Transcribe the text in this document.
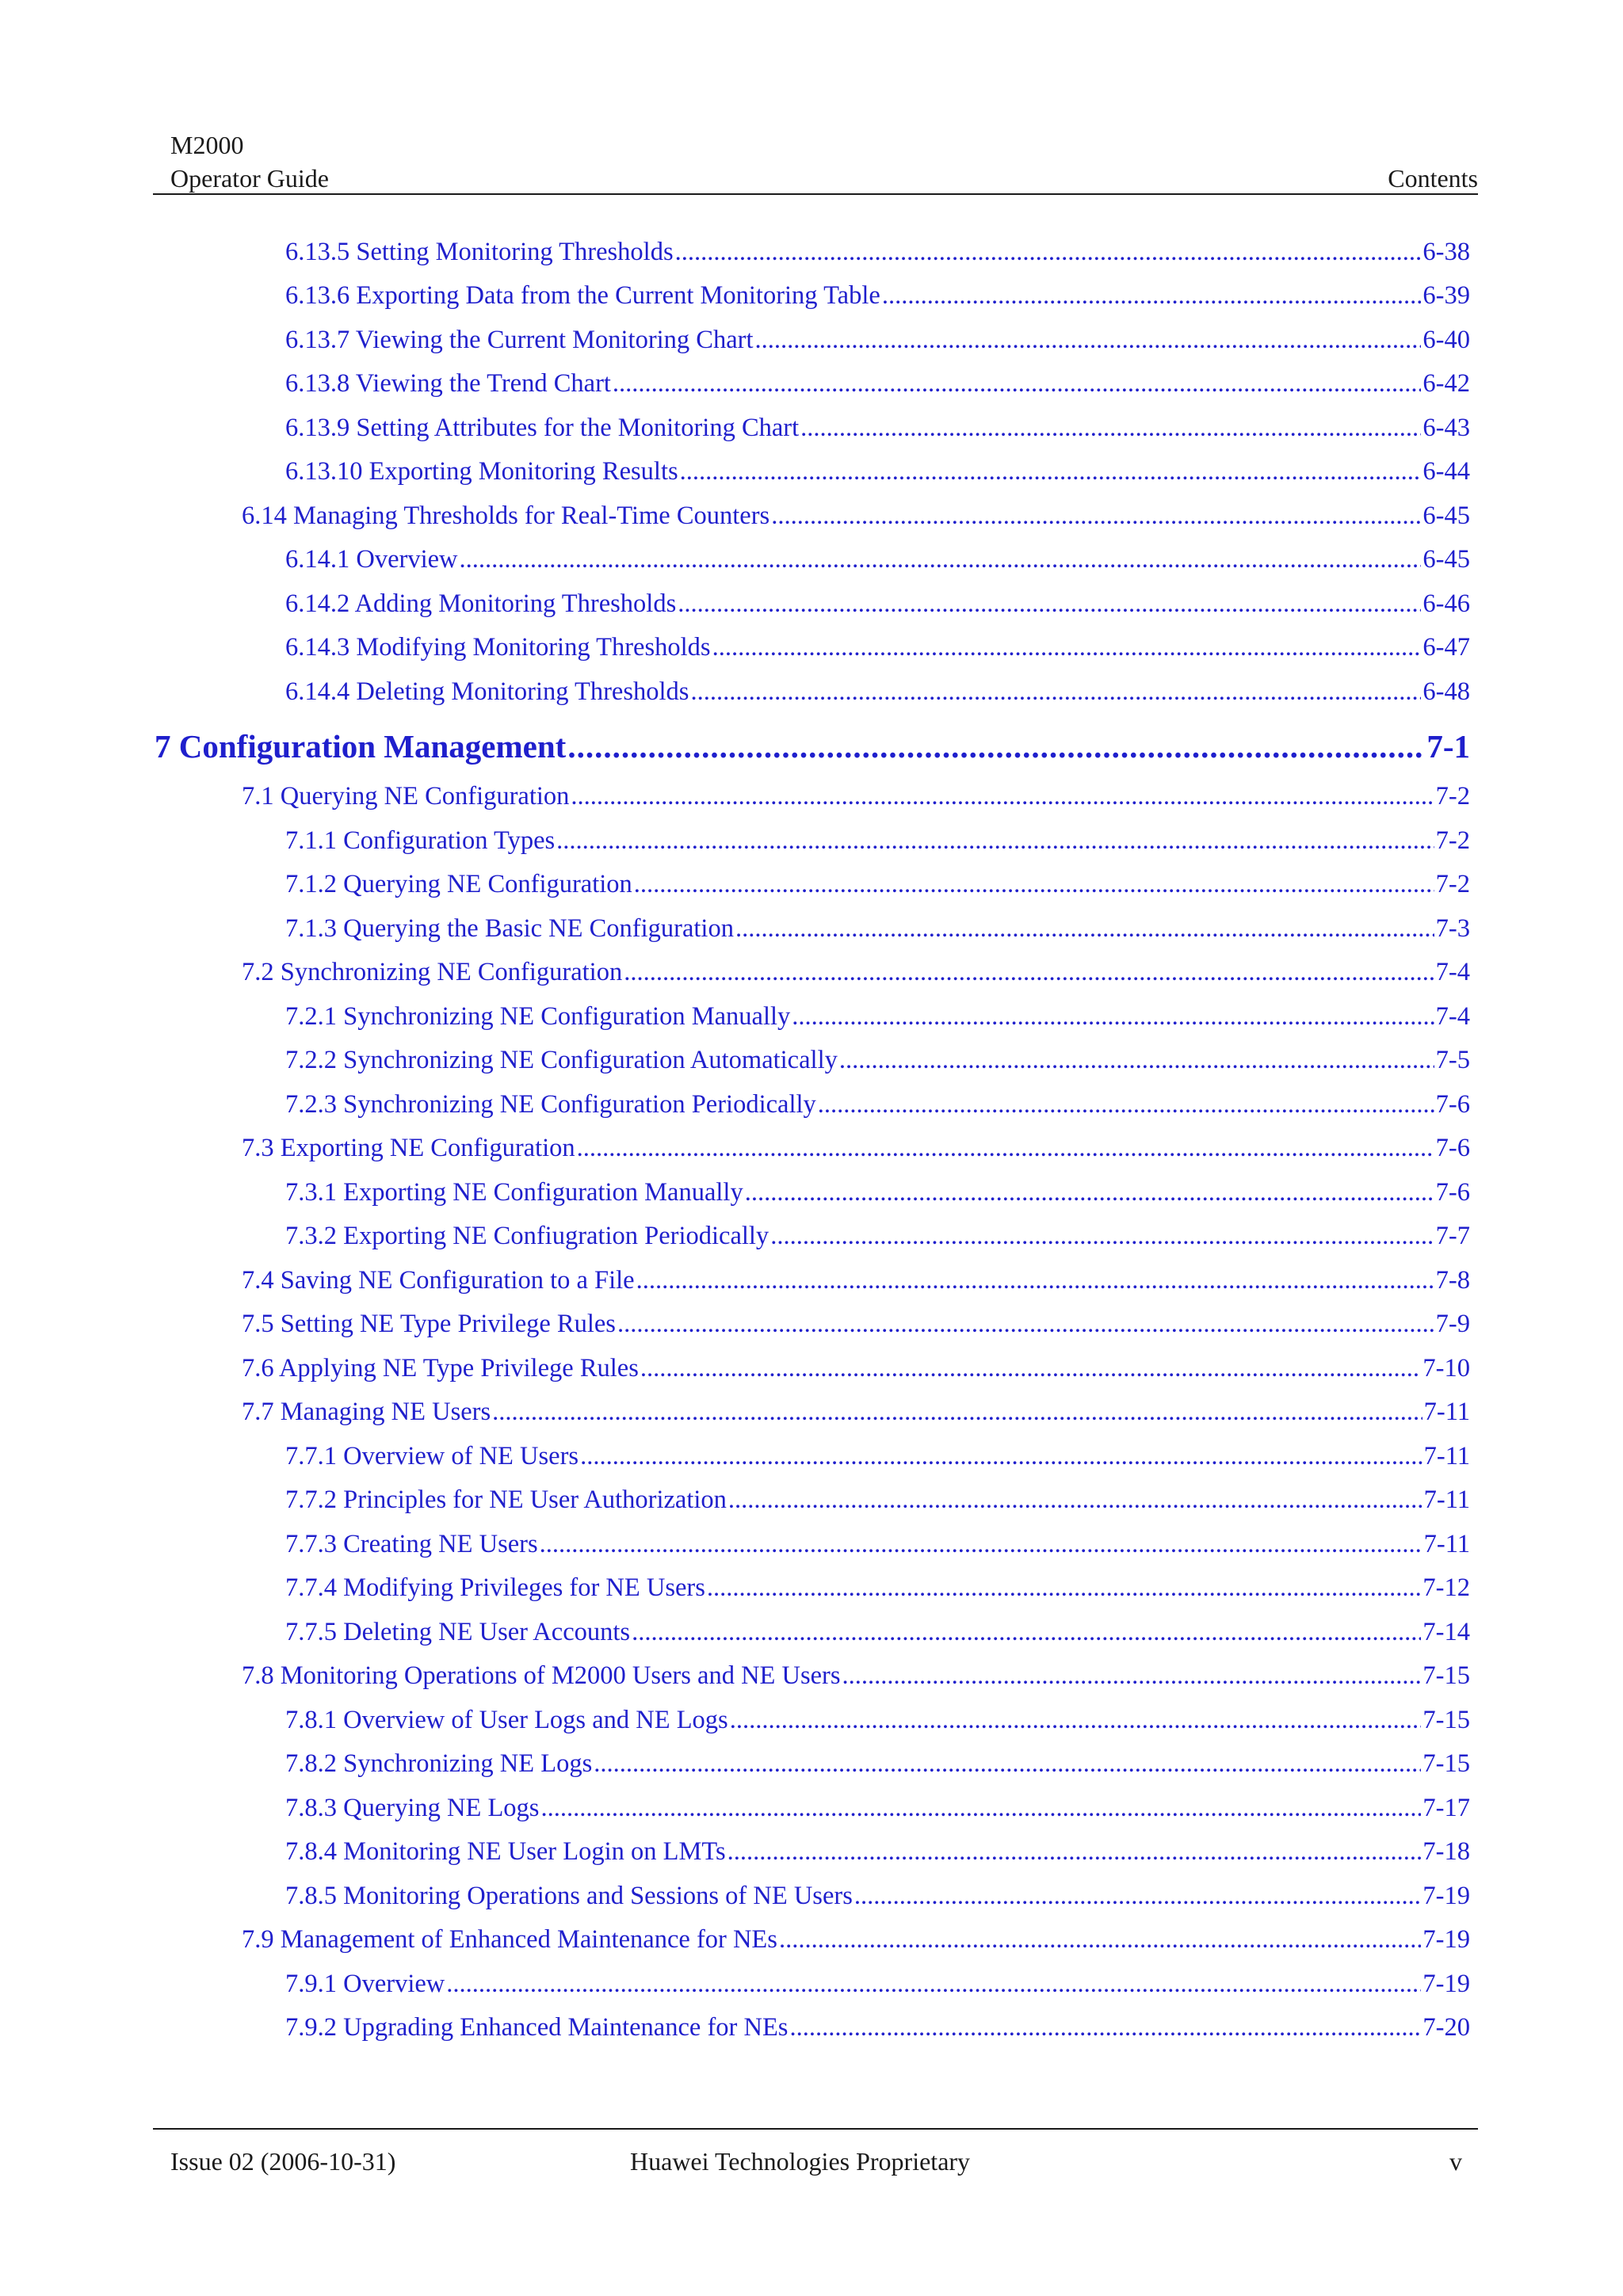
M2000
Operator Guide	Contents
6.13.5 Setting Monitoring Thresholds .....	6-38
6.13.6 Exporting Data from the Current Monitoring Table .....	6-39
6.13.7 Viewing the Current Monitoring Chart .....	6-40
6.13.8 Viewing the Trend Chart .....	6-42
6.13.9 Setting Attributes for the Monitoring Chart .....	6-43
6.13.10 Exporting Monitoring Results .....	6-44
6.14 Managing Thresholds for Real-Time Counters .....	6-45
6.14.1 Overview .....	6-45
6.14.2 Adding Monitoring Thresholds .....	6-46
6.14.3 Modifying Monitoring Thresholds .....	6-47
6.14.4 Deleting Monitoring Thresholds .....	6-48
7 Configuration Management .....	7-1
7.1 Querying NE Configuration .....	7-2
7.1.1 Configuration Types .....	7-2
7.1.2 Querying NE Configuration .....	7-2
7.1.3 Querying the Basic NE Configuration .....	7-3
7.2 Synchronizing NE Configuration .....	7-4
7.2.1 Synchronizing NE Configuration Manually .....	7-4
7.2.2 Synchronizing NE Configuration Automatically .....	7-5
7.2.3 Synchronizing NE Configuration Periodically .....	7-6
7.3 Exporting NE Configuration .....	7-6
7.3.1 Exporting NE Configuration Manually .....	7-6
7.3.2 Exporting NE Confiugration Periodically .....	7-7
7.4 Saving NE Configuration to a File .....	7-8
7.5 Setting NE Type Privilege Rules .....	7-9
7.6 Applying NE Type Privilege Rules .....	7-10
7.7 Managing NE Users .....	7-11
7.7.1 Overview of NE Users .....	7-11
7.7.2 Principles for NE User Authorization .....	7-11
7.7.3 Creating NE Users .....	7-11
7.7.4 Modifying Privileges for NE Users .....	7-12
7.7.5 Deleting NE User Accounts .....	7-14
7.8 Monitoring Operations of M2000 Users and NE Users .....	7-15
7.8.1 Overview of User Logs and NE Logs .....	7-15
7.8.2 Synchronizing NE Logs .....	7-15
7.8.3 Querying NE Logs .....	7-17
7.8.4 Monitoring NE User Login on LMTs .....	7-18
7.8.5 Monitoring Operations and Sessions of NE Users .....	7-19
7.9 Management of Enhanced Maintenance for NEs .....	7-19
7.9.1 Overview .....	7-19
7.9.2 Upgrading Enhanced Maintenance for NEs .....	7-20
Issue 02 (2006-10-31)	Huawei Technologies Proprietary	v
